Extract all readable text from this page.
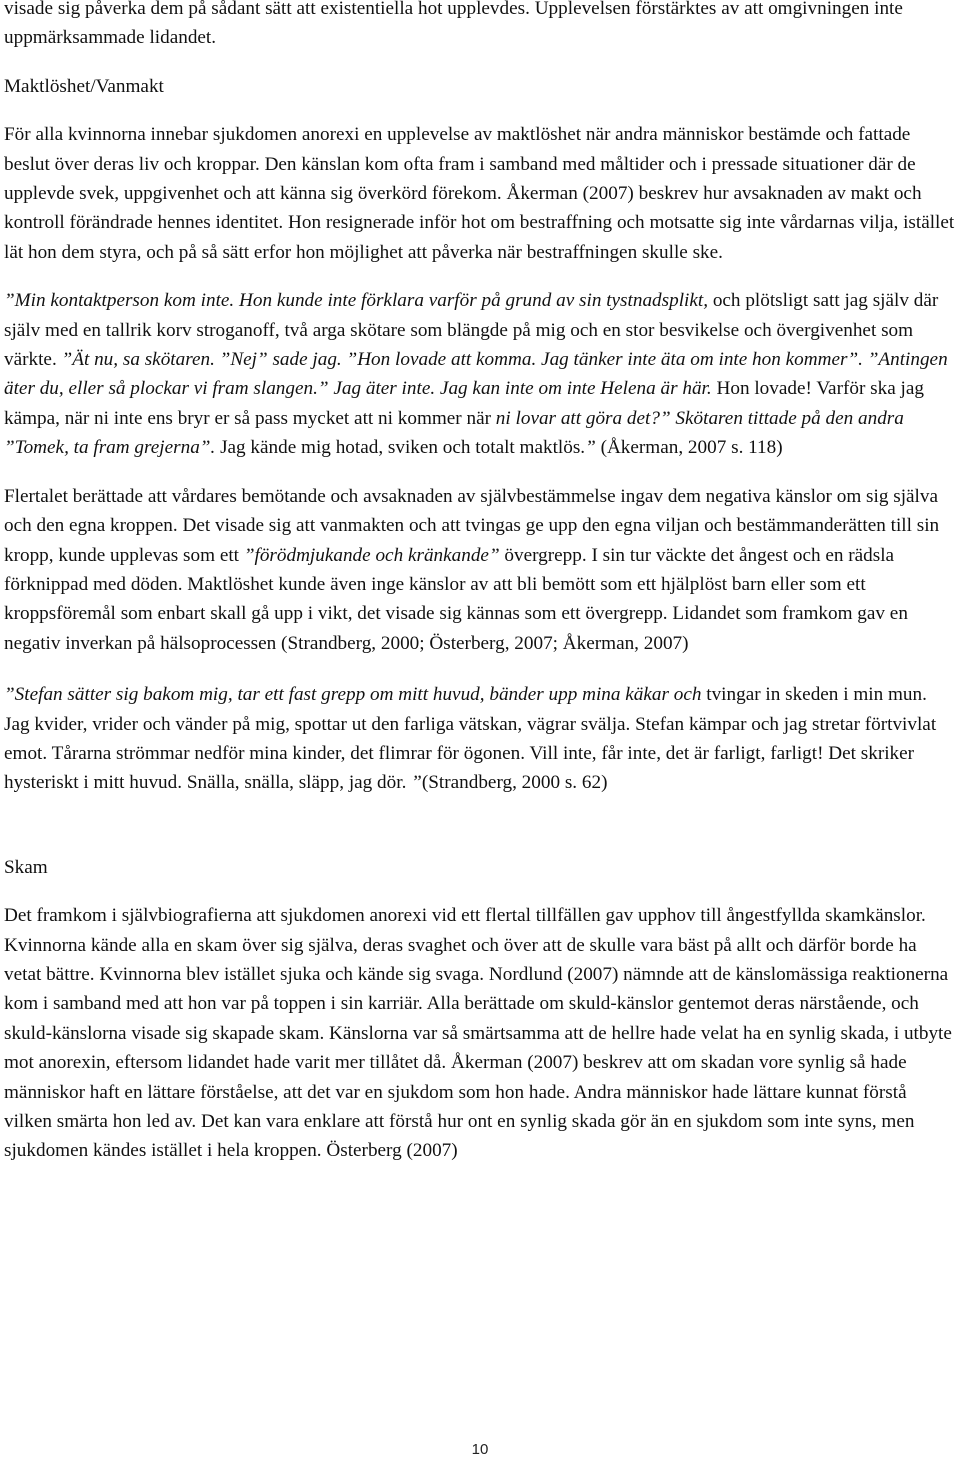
visade sig påverka dem på sådant sätt att existentiella hot upplevdes. Upplevelsen förstärktes av att omgivningen inte uppmärksammade lidandet.

Maktlöshet/Vanmakt

För alla kvinnorna innebar sjukdomen anorexi en upplevelse av maktlöshet när andra människor bestämde och fattade beslut över deras liv och kroppar. Den känslan kom ofta fram i samband med måltider och i pressade situationer där de upplevde svek, uppgivenhet och att känna sig överkörd förekom. Åkerman (2007) beskrev hur avsaknaden av makt och kontroll förändrade hennes identitet. Hon resignerade inför hot om bestraffning och motsatte sig inte vårdarnas vilja, istället lät hon dem styra, och på så sätt erfor hon möjlighet att påverka när bestraffningen skulle ske.

”Min kontaktperson kom inte. Hon kunde inte förklara varför på grund av sin tystnadsplikt, och plötsligt satt jag själv där själv med en tallrik korv stroganoff, två arga skötare som blängde på mig och en stor besvikelse och övergivenhet som värkte. ”Ät nu, sa skötaren. ”Nej” sade jag. ”Hon lovade att komma. Jag tänker inte äta om inte hon kommer”. ”Antingen äter du, eller så plockar vi fram slangen.” Jag äter inte. Jag kan inte om inte Helena är här. Hon lovade! Varför ska jag kämpa, när ni inte ens bryr er så pass mycket att ni kommer när ni lovar att göra det?” Skötaren tittade på den andra ”Tomek, ta fram grejerna”. Jag kände mig hotad, sviken och totalt maktlös.” (Åkerman, 2007 s. 118)

Flertalet berättade att vårdares bemötande och avsaknaden av självbestämmelse ingav dem negativa känslor om sig själva och den egna kroppen. Det visade sig att vanmakten och att tvingas ge upp den egna viljan och bestämmanderätten till sin kropp, kunde upplevas som ett ”förödmjukande och kränkande” övergrepp. I sin tur väckte det ångest och en rädsla förknippad med döden. Maktlöshet kunde även inge känslor av att bli bemött som ett hjälplöst barn eller som ett kroppsföremål som enbart skall gå upp i vikt, det visade sig kännas som ett övergrepp. Lidandet som framkom gav en negativ inverkan på hälsoprocessen (Strandberg, 2000; Österberg, 2007; Åkerman, 2007)

”Stefan sätter sig bakom mig, tar ett fast grepp om mitt huvud, bänder upp mina käkar och tvingar in skeden i min mun. Jag kvider, vrider och vänder på mig, spottar ut den farliga vätskan, vägrar svälja. Stefan kämpar och jag stretar förtvivlat emot. Tårarna strömmar nedför mina kinder, det flimrar för ögonen. Vill inte, får inte, det är farligt, farligt! Det skriker hysteriskt i mitt huvud. Snälla, snälla, släpp, jag dör. ”(Strandberg, 2000 s. 62)

Skam

Det framkom i självbiografierna att sjukdomen anorexi vid ett flertal tillfällen gav upphov till ångestfyllda skamkänslor. Kvinnorna kände alla en skam över sig själva, deras svaghet och över att de skulle vara bäst på allt och därför borde ha vetat bättre. Kvinnorna blev istället sjuka och kände sig svaga. Nordlund (2007) nämnde att de känslomässiga reaktionerna kom i samband med att hon var på toppen i sin karriär. Alla berättade om skuld-känslor gentemot deras närstående, och skuld-känslorna visade sig skapade skam. Känslorna var så smärtsamma att de hellre hade velat ha en synlig skada, i utbyte mot anorexin, eftersom lidandet hade varit mer tillåtet då. Åkerman (2007) beskrev att om skadan vore synlig så hade människor haft en lättare förståelse, att det var en sjukdom som hon hade. Andra människor hade lättare kunnat förstå vilken smärta hon led av. Det kan vara enklare att förstå hur ont en synlig skada gör än en sjukdom som inte syns, men sjukdomen kändes istället i hela kroppen. Österberg (2007)

10
